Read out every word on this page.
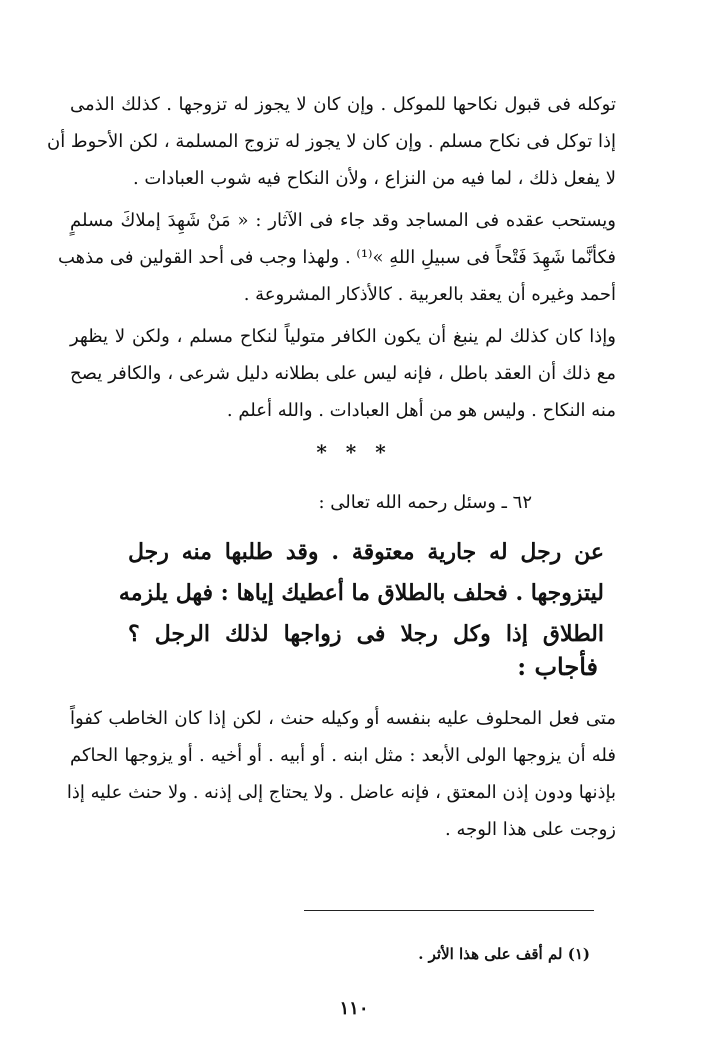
توكله فى قبول نكاحها للموكل . وإن كان لا يجوز له تزوجها . كذلك الذمى
إذا توكل فى نكاح مسلم . وإن كان لا يجوز له تزوج المسلمة ، لكن الأحوط أن
لا يفعل ذلك ، لما فيه من النزاع ، ولأن النكاح فيه شوب العبادات .
ويستحب عقده فى المساجد وقد جاء فى الآثار : « مَنْ شَهِدَ إملاكَ مسلمٍ
فكأنَّما شَهِدَ فَتْحاً فى سبيلِ اللهِ »⁽¹⁾ . ولهذا وجب فى أحد القولين فى مذهب
أحمد وغيره أن يعقد بالعربية . كالأذكار المشروعة .
وإذا كان كذلك لم ينبغ أن يكون الكافر متولياً لنكاح مسلم ، ولكن لا يظهر
مع ذلك أن العقد باطل ، فإنه ليس على بطلانه دليل شرعى ، والكافر يصح
منه النكاح . وليس هو من أهل العبادات . والله أعلم .
* * *
٦٢ ـ وسئل رحمه الله تعالى :
عن رجل له جارية معتوقة . وقد طلبها منه رجل
ليتزوجها . فحلف بالطلاق ما أعطيك إياها : فهل يلزمه
الطلاق إذا وكل رجلا فى زواجها لذلك الرجل ؟
فأجاب :
متى فعل المحلوف عليه بنفسه أو وكيله حنث ، لكن إذا كان الخاطب كفواً
فله أن يزوجها الولى الأبعد : مثل ابنه . أو أبيه . أو أخيه . أو يزوجها الحاكم
بإذنها ودون إذن المعتق ، فإنه عاضل . ولا يحتاج إلى إذنه . ولا حنث عليه إذا
زوجت على هذا الوجه .
(١) لم أقف على هذا الأثر .
١١٠
